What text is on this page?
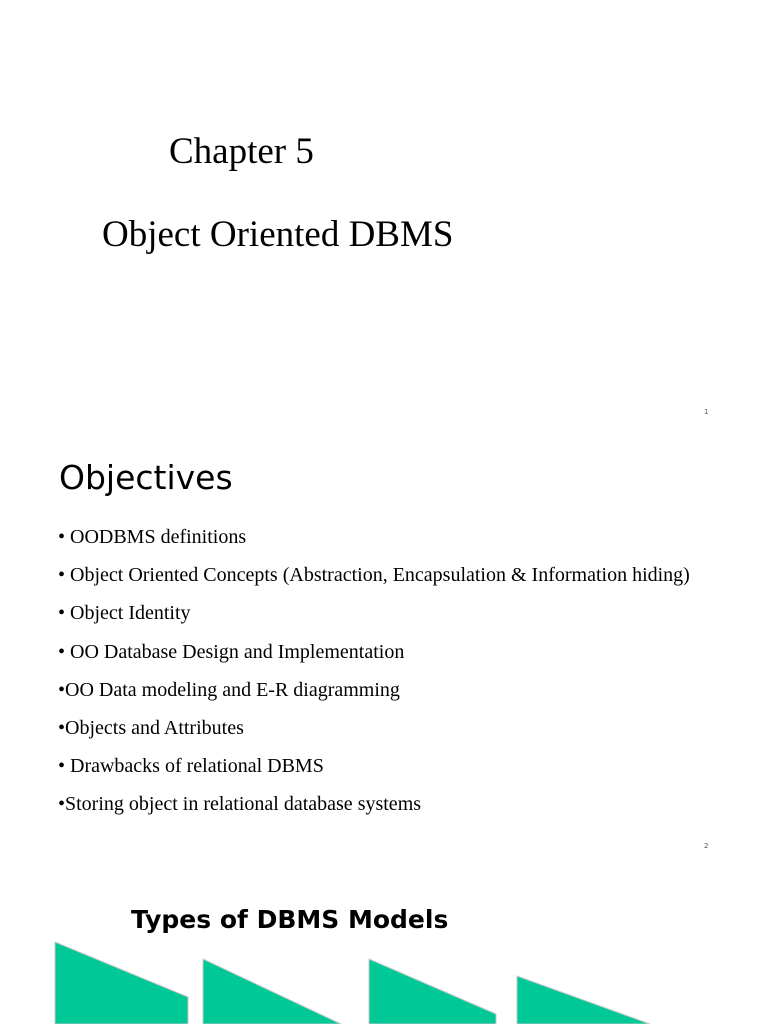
Chapter 5
Object Oriented DBMS
1
Objectives
• OODBMS definitions
• Object Oriented Concepts (Abstraction, Encapsulation & Information hiding)
• Object Identity
• OO Database Design and Implementation
•OO Data modeling and E-R diagramming
•Objects and Attributes
• Drawbacks of relational DBMS
•Storing object in relational database systems
2
Types of DBMS Models
